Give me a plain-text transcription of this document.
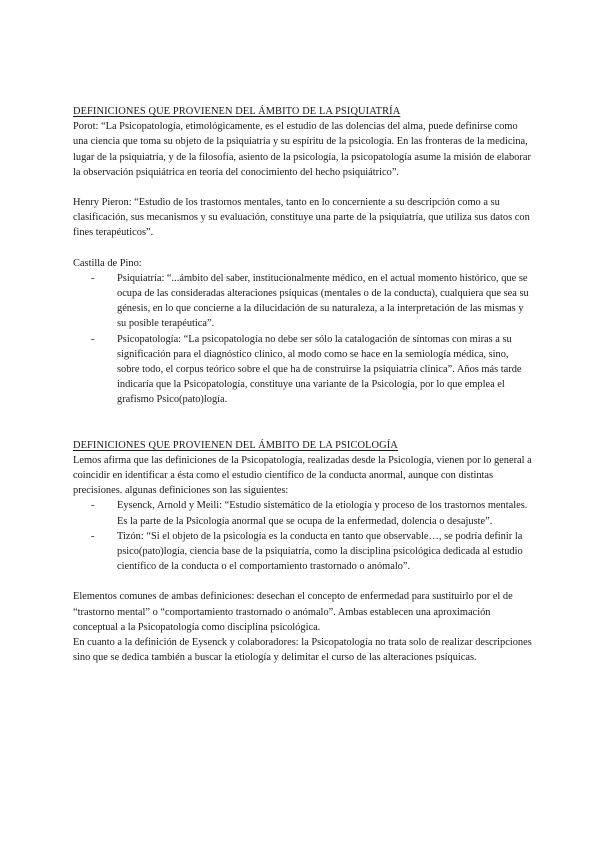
DEFINICIONES QUE PROVIENEN DEL ÁMBITO DE LA PSIQUIATRÍA

Porot: “La Psicopatología, etimológicamente, es el estudio de las dolencias del alma, puede definirse como una ciencia que toma su objeto de la psiquiatría y su espíritu de la psicología. En las fronteras de la medicina, lugar de la psiquiatría, y de la filosofía, asiento de la psicología, la psicopatología asume la misión de elaborar la observación psiquiátrica en teoría del conocimiento del hecho psiquiátrico”.

Henry Pieron: “Estudio de los trastornos mentales, tanto en lo concerniente a su descripción como a su clasificación, sus mecanismos y su evaluación, constituye una parte de la psiquiatría, que utiliza sus datos con fines terapéuticos”.

Castilla de Pino:

- Psiquiatría: “...ámbito del saber, institucionalmente médico, en el actual momento histórico, que se ocupa de las consideradas alteraciones psíquicas (mentales o de la conducta), cualquiera que sea su génesis, en lo que concierne a la dilucidación de su naturaleza, a la interpretación de las mismas y su posible terapéutica”.
- Psicopatología: “La psicopatología no debe ser sólo la catalogación de síntomas con miras a su significación para el diagnóstico clínico, al modo como se hace en la semiología médica, sino, sobre todo, el corpus teórico sobre el que ha de construirse la psiquiatría clínica”. Años más tarde indicaría que la Psicopatología, constituye una variante de la Psicología, por lo que emplea el grafismo Psico(pato)logía.
DEFINICIONES QUE PROVIENEN DEL ÁMBITO DE LA PSICOLOGÍA

Lemos afirma que las definiciones de la Psicopatología, realizadas desde la Psicología, vienen por lo general a coincidir en identificar a ésta como el estudio científico de la conducta anormal, aunque con distintas precisiones. algunas definiciones son las siguientes:

- Eysenck, Arnold y Meili: “Estudio sistemático de la etiología y proceso de los trastornos mentales. Es la parte de la Psicología anormal que se ocupa de la enfermedad, dolencia o desajuste”.
- Tizón: “Si el objeto de la psicología es la conducta en tanto que observable…, se podría definir la psico(pato)logía, ciencia base de la psiquiatría, como la disciplina psicológica dedicada al estudio científico de la conducta o el comportamiento trastornado o anómalo”.

Elementos comunes de ambas definiciones: desechan el concepto de enfermedad para sustituirlo por el de “trastorno mental” o “comportamiento trastornado o anómalo”. Ambas establecen una aproximación conceptual a la Psicopatología como disciplina psicológica.

En cuanto a la definición de Eysenck y colaboradores: la Psicopatología no trata solo de realizar descripciones sino que se dedica también a buscar la etiología y delimitar el curso de las alteraciones psíquicas.
